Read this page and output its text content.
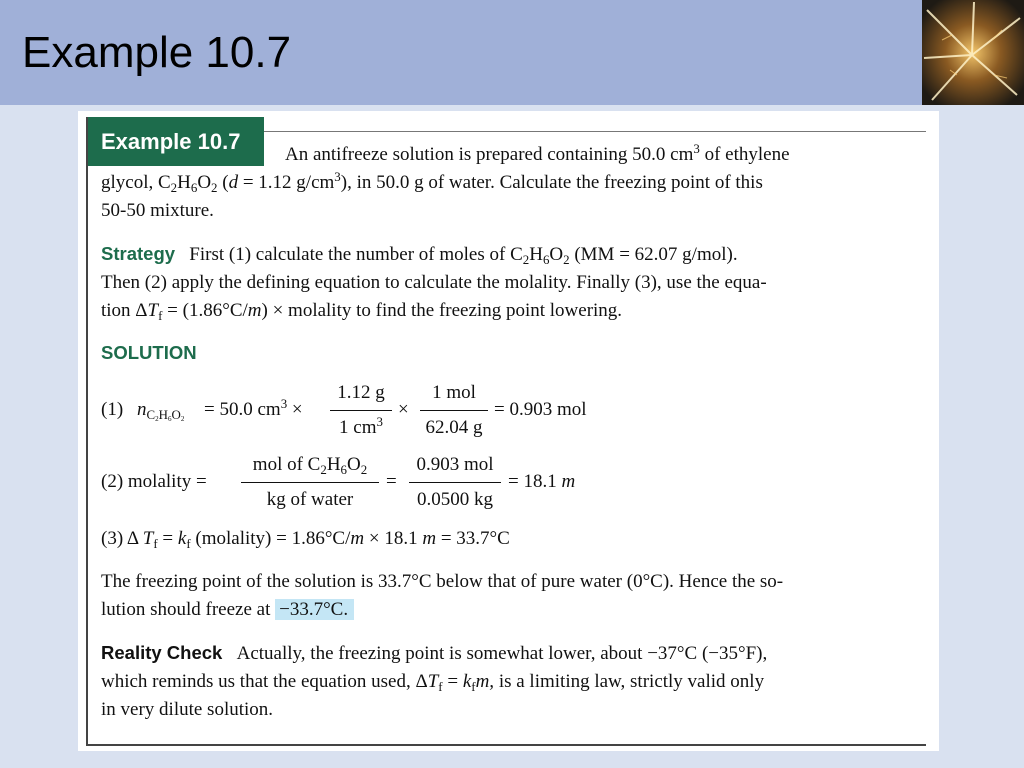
Example 10.7
Example 10.7
An antifreeze solution is prepared containing 50.0 $cm^3$ of ethylene
glycol, $C_2H_6O_2$ (d = 1.12 $g/cm^3$), in 50.0 g of water. Calculate the freezing point of this
50-50 mixture.
Strategy First (1) calculate the number of moles of $C_2H_6O_2$ (MM = 62.07 g/mol).
Then (2) apply the defining equation to calculate the molality. Finally (3), use the equa-
tion $\Delta T_f = (1.86^\circ C/m)$ × molality to find the freezing point lowering.
SOLUTION
(1) $n_{C2H6O2} = 50.0$ $cm^3$ ×
1.12 g
1 $cm^3$
×
1 mol
62.04 g
= 0.903 mol
(2) molality =
mol of $C_2H_6O_2$
kg of water
=
0.903 mol
0.0500 kg
= 18.1 m
(3) Δ $T_f = k_f$ (molality) = 1.86°C/m × 18.1 m = 33.7°C
The freezing point of the solution is 33.7°C below that of pure water (0°C). Hence the so-
lution should freeze at −33.7°C.
Reality Check Actually, the freezing point is somewhat lower, about −37°C (−35°F),
which reminds us that the equation used, $\Delta T_f = k_fm$, is a limiting law, strictly valid only
in very dilute solution.
